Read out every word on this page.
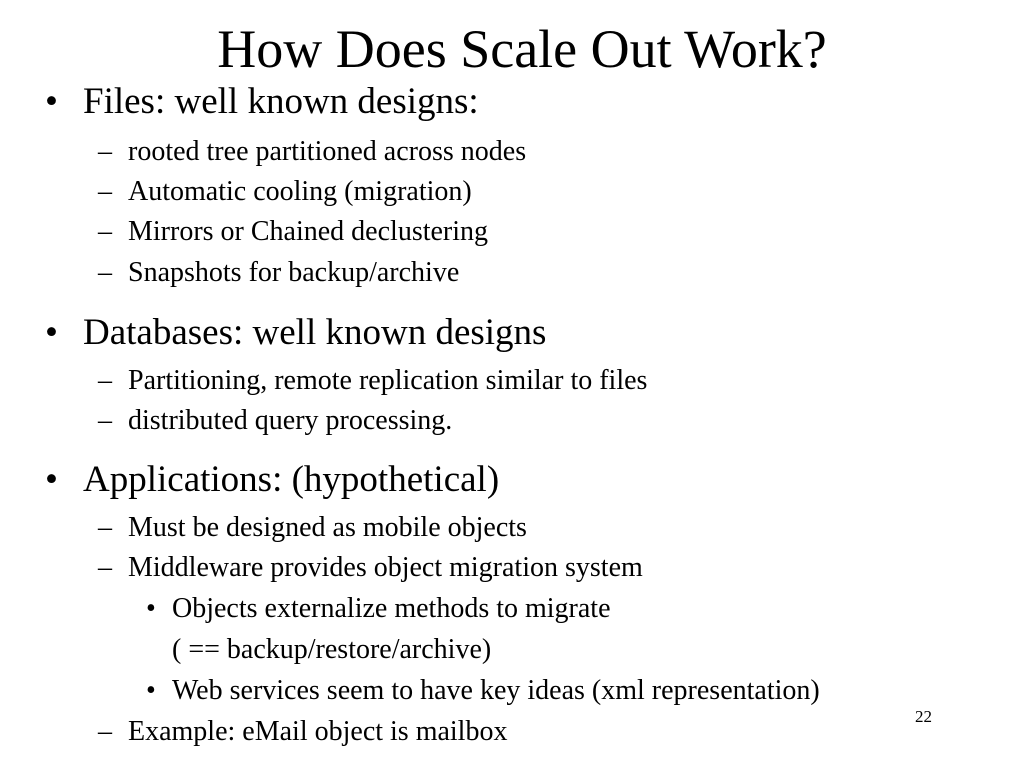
How Does Scale Out Work?
• Files: well known designs:
– rooted tree partitioned across nodes
– Automatic cooling (migration)
– Mirrors or Chained declustering
– Snapshots for backup/archive
• Databases: well known designs
– Partitioning, remote replication similar to files
– distributed query processing.
• Applications: (hypothetical)
– Must be designed as mobile objects
– Middleware provides object migration system
• Objects externalize methods to migrate
( == backup/restore/archive)
• Web services seem to have key ideas (xml representation)
– Example: eMail object is mailbox	22
